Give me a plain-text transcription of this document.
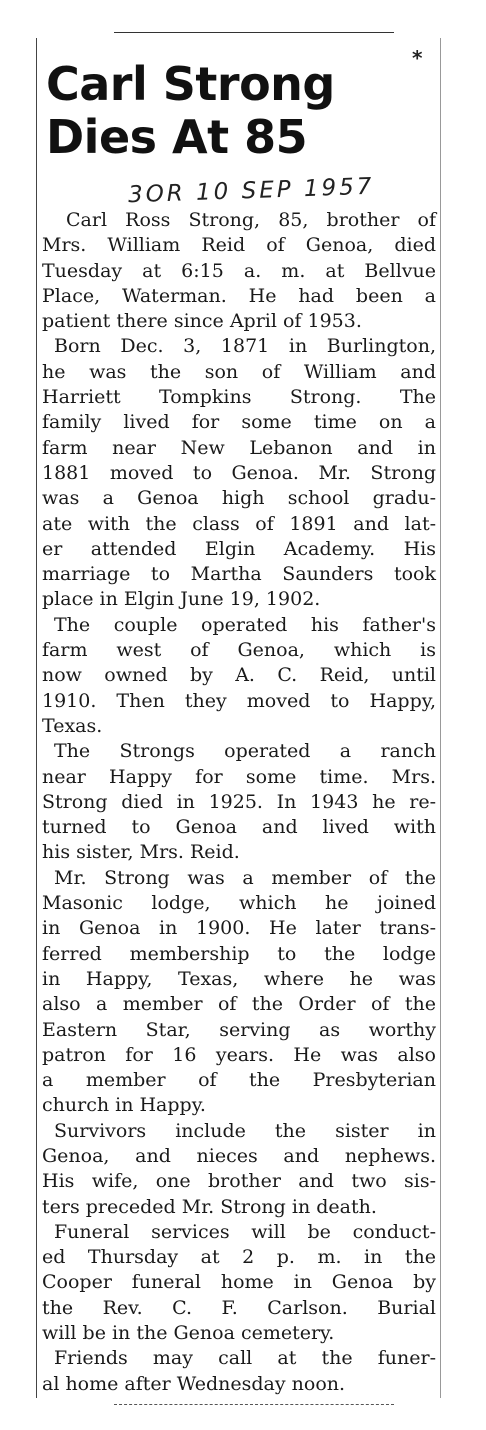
*
Carl Strong
Dies At 85
3OR 10 SEP 1957

Carl Ross Strong, 85, brother of
Mrs. William Reid of Genoa, died
Tuesday at 6:15 a. m. at Bellvue
Place, Waterman. He had been a
patient there since April of 1953.

Born Dec. 3, 1871 in Burlington,
he was the son of William and
Harriett Tompkins Strong. The
family lived for some time on a
farm near New Lebanon and in
1881 moved to Genoa. Mr. Strong
was a Genoa high school gradu-
ate with the class of 1891 and lat-
er attended Elgin Academy. His
marriage to Martha Saunders took
place in Elgin June 19, 1902.

The couple operated his father's
farm west of Genoa, which is
now owned by A. C. Reid, until
1910. Then they moved to Happy,
Texas.

The Strongs operated a ranch
near Happy for some time. Mrs.
Strong died in 1925. In 1943 he re-
turned to Genoa and lived with
his sister, Mrs. Reid.

Mr. Strong was a member of the
Masonic lodge, which he joined
in Genoa in 1900. He later trans-
ferred membership to the lodge
in Happy, Texas, where he was
also a member of the Order of the
Eastern Star, serving as worthy
patron for 16 years. He was also
a member of the Presbyterian
church in Happy.

Survivors include the sister in
Genoa, and nieces and nephews.
His wife, one brother and two sis-
ters preceded Mr. Strong in death.

Funeral services will be conduct-
ed Thursday at 2 p. m. in the
Cooper funeral home in Genoa by
the Rev. C. F. Carlson. Burial
will be in the Genoa cemetery.

Friends may call at the funer-
al home after Wednesday noon.
